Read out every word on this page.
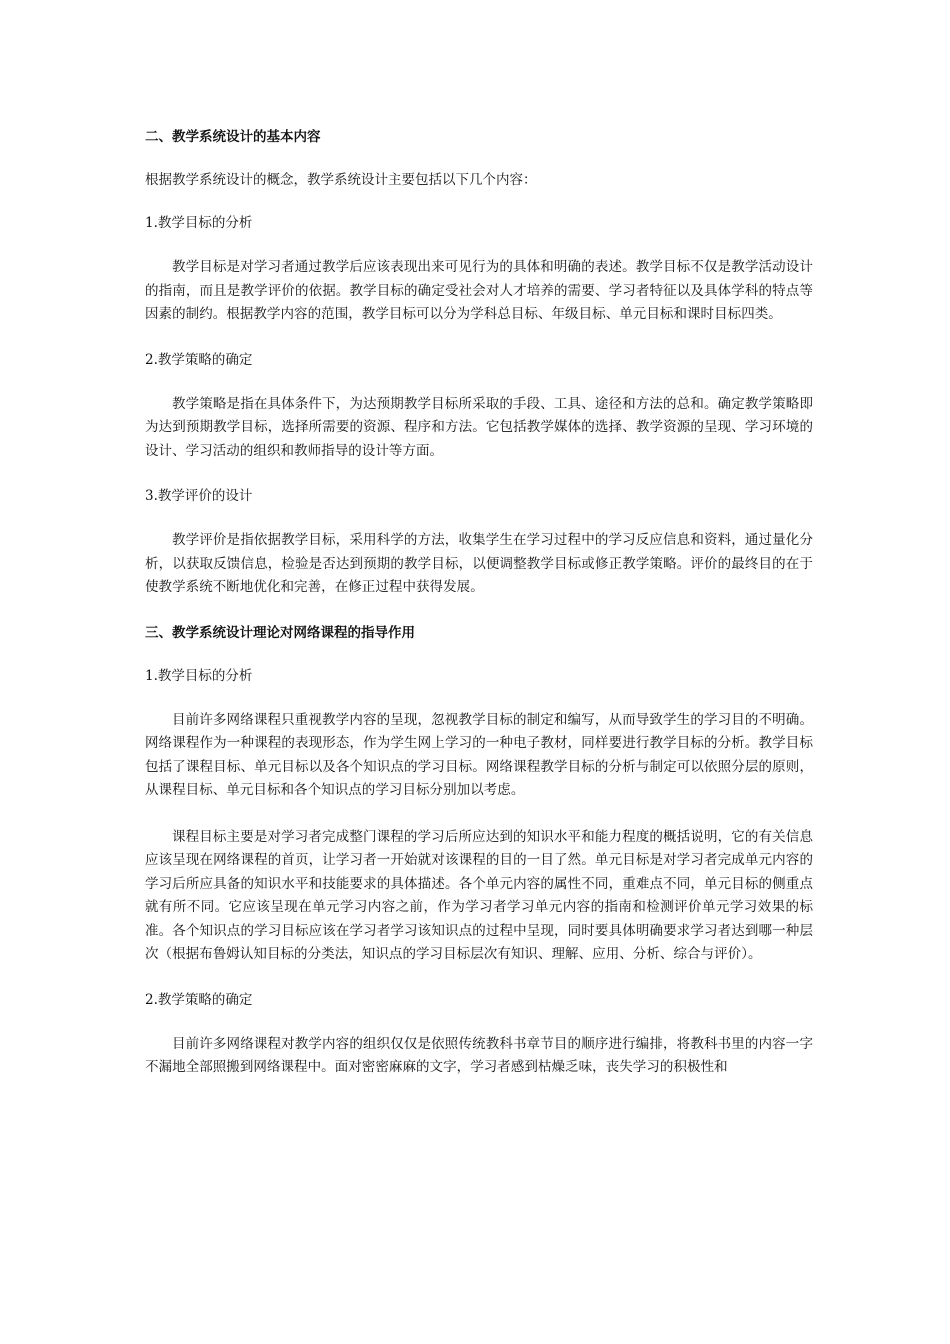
二、教学系统设计的基本内容
根据教学系统设计的概念，教学系统设计主要包括以下几个内容：
1.教学目标的分析

教学目标是对学习者通过教学后应该表现出来可见行为的具体和明确的表述。教学目标不仅是教学活动设计的指南，而且是教学评价的依据。教学目标的确定受社会对人才培养的需要、学习者特征以及具体学科的特点等因素的制约。根据教学内容的范围，教学目标可以分为学科总目标、年级目标、单元目标和课时目标四类。

2.教学策略的确定

教学策略是指在具体条件下，为达预期教学目标所采取的手段、工具、途径和方法的总和。确定教学策略即为达到预期教学目标，选择所需要的资源、程序和方法。它包括教学媒体的选择、教学资源的呈现、学习环境的设计、学习活动的组织和教师指导的设计等方面。

3.教学评价的设计

教学评价是指依据教学目标，采用科学的方法，收集学生在学习过程中的学习反应信息和资料，通过量化分析，以获取反馈信息，检验是否达到预期的教学目标，以便调整教学目标或修正教学策略。评价的最终目的在于使教学系统不断地优化和完善，在修正过程中获得发展。

三、教学系统设计理论对网络课程的指导作用
1.教学目标的分析

目前许多网络课程只重视教学内容的呈现，忽视教学目标的制定和编写，从而导致学生的学习目的不明确。网络课程作为一种课程的表现形态，作为学生网上学习的一种电子教材，同样要进行教学目标的分析。教学目标包括了课程目标、单元目标以及各个知识点的学习目标。网络课程教学目标的分析与制定可以依照分层的原则，从课程目标、单元目标和各个知识点的学习目标分别加以考虑。

课程目标主要是对学习者完成整门课程的学习后所应达到的知识水平和能力程度的概括说明，它的有关信息应该呈现在网络课程的首页，让学习者一开始就对该课程的目的一目了然。单元目标是对学习者完成单元内容的学习后所应具备的知识水平和技能要求的具体描述。各个单元内容的属性不同，重难点不同，单元目标的侧重点就有所不同。它应该呈现在单元学习内容之前，作为学习者学习单元内容的指南和检测评价单元学习效果的标准。各个知识点的学习目标应该在学习者学习该知识点的过程中呈现，同时要具体明确要求学习者达到哪一种层次（根据布鲁姆认知目标的分类法，知识点的学习目标层次有知识、理解、应用、分析、综合与评价）。

2.教学策略的确定

目前许多网络课程对教学内容的组织仅仅是依照传统教科书章节目的顺序进行编排，将教科书里的内容一字不漏地全部照搬到网络课程中。面对密密麻麻的文字，学习者感到枯燥乏味，丧失学习的积极性和
